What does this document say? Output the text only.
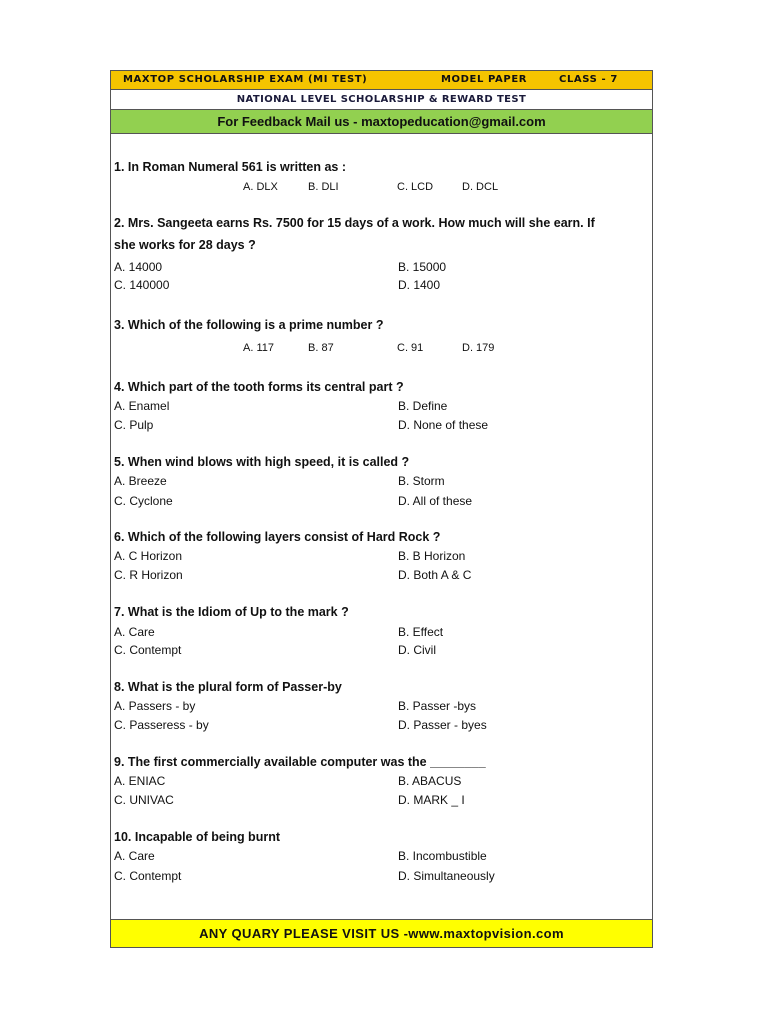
MAXTOP SCHOLARSHIP EXAM (MI TEST)	MODEL PAPER	CLASS - 7
NATIONAL LEVEL SCHOLARSHIP & REWARD TEST
For Feedback Mail us - maxtopeducation@gmail.com
1. In Roman Numeral 561 is written as :
A. DLX	B. DLI	C. LCD	D. DCL
2. Mrs. Sangeeta earns Rs. 7500 for 15 days of a work. How much will she earn. If
she works for 28 days ?
A. 14000	B. 15000
C. 140000	D. 1400
3. Which of the following is a prime number ?
A. 117	B. 87	C. 91	D. 179
4. Which part of the tooth forms its central part ?
A. Enamel	B. Define
C. Pulp	D. None of these
5. When wind blows with high speed, it is called ?
A. Breeze	B. Storm
C. Cyclone	D. All of these
6. Which of the following layers consist of Hard Rock ?
A. C Horizon	B. B Horizon
C. R Horizon	D. Both A & C
7. What is the Idiom of Up to the mark ?
A. Care	B. Effect
C. Contempt	D. Civil
8. What is the plural form of Passer-by
A. Passers - by	B. Passer -bys
C. Passeress - by	D. Passer - byes
9. The first commercially available computer was the ________
A. ENIAC	B. ABACUS
C. UNIVAC	D. MARK _ I
10. Incapable of being burnt
A. Care	B. Incombustible
C. Contempt	D. Simultaneously
ANY QUARY PLEASE VISIT US -www.maxtopvision.com
